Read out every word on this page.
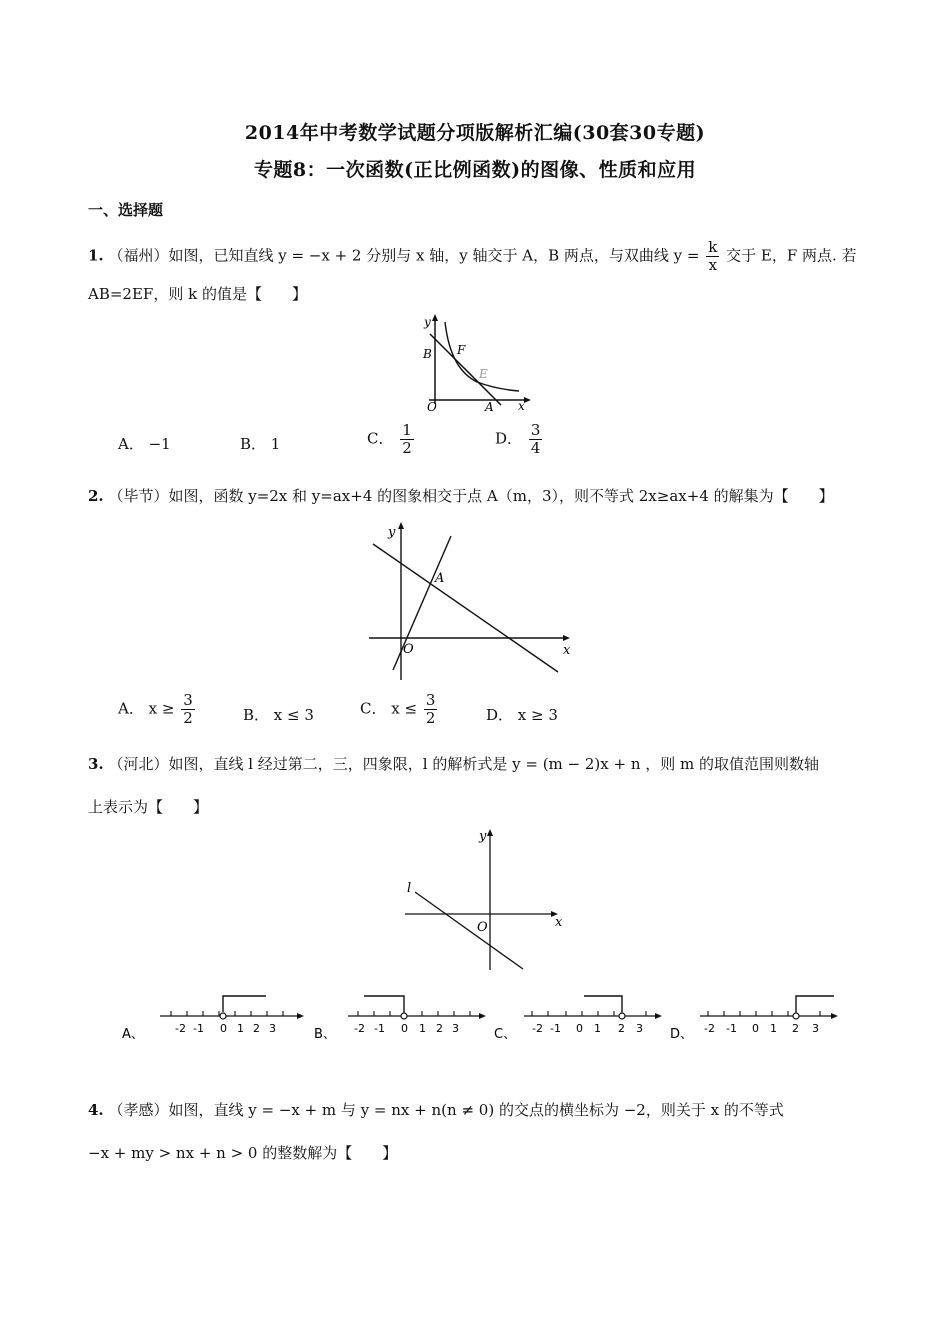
2014年中考数学试题分项版解析汇编(30套30专题)
专题8：一次函数(正比例函数)的图像、性质和应用
一、选择题
1. （福州）如图，已知直线 y = −x + 2 分别与 x 轴，y 轴交于 A，B 两点，与双曲线 $y = \frac{k}{x}$ 交于 E，F 两点. 若
AB=2EF，则 k 的值是【　　】
y
B F
E
O	A x
A． −1	B． 1	C． $\frac{1}{2}$	D． $\frac{3}{4}$
2. （毕节）如图，函数 y=2x 和 y=ax+4 的图象相交于点 A（m，3），则不等式 2x≥ax+4 的解集为【　　】
y
A
O	x
A． $x \ge \frac{3}{2}$	B． x ≤ 3	C． $x \le \frac{3}{2}$	D． x ≥ 3
3. （河北）如图，直线 l 经过第二，三，四象限，l 的解析式是 y = (m − 2)x + n ，则 m 的取值范围则数轴
上表示为【　　】
y
l
O	x
A、	-2 -1 0 1 2 3	B、 -2 -1 0 1 2 3	C、 -2 -1 0 1 2 3 D、 -2 -1 0 1 2 3
4. （孝感）如图，直线 y = −x + m 与 y = nx + n(n ≠ 0) 的交点的横坐标为 −2，则关于 x 的不等式
−x + my > nx + n > 0 的整数解为【　　】
